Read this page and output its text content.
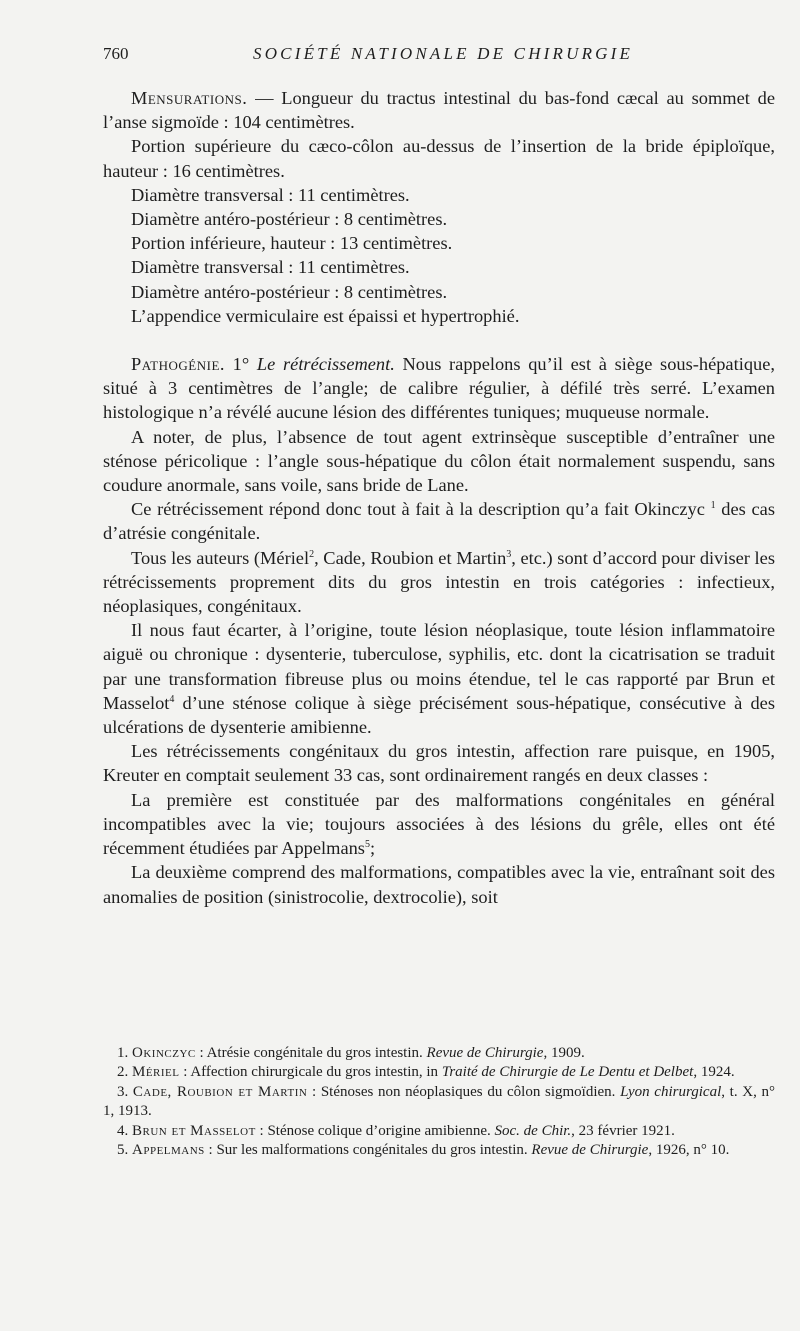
760	SOCIÉTÉ NATIONALE DE CHIRURGIE

Mensurations. — Longueur du tractus intestinal du bas-fond cæcal au sommet de l’anse sigmoïde : 104 centimètres.

Portion supérieure du cæco-côlon au-dessus de l’insertion de la bride épiploïque, hauteur : 16 centimètres.

Diamètre transversal : 11 centimètres.

Diamètre antéro-postérieur : 8 centimètres.

Portion inférieure, hauteur : 13 centimètres.

Diamètre transversal : 11 centimètres.

Diamètre antéro-postérieur : 8 centimètres.

L’appendice vermiculaire est épaissi et hypertrophié.

Pathogénie. 1° Le rétrécissement. Nous rappelons qu’il est à siège sous-hépatique, situé à 3 centimètres de l’angle; de calibre régulier, à défilé très serré. L’examen histologique n’a révélé aucune lésion des différentes tuniques; muqueuse normale.

A noter, de plus, l’absence de tout agent extrinsèque susceptible d’entraîner une sténose péricolique : l’angle sous-hépatique du côlon était normalement suspendu, sans coudure anormale, sans voile, sans bride de Lane.

Ce rétrécissement répond donc tout à fait à la description qu’a fait Okinczyc $^1$ des cas d’atrésie congénitale.

Tous les auteurs (Mériel$^2$, Cade, Roubion et Martin$^3$, etc.) sont d’accord pour diviser les rétrécissements proprement dits du gros intestin en trois catégories : infectieux, néoplasiques, congénitaux.

Il nous faut écarter, à l’origine, toute lésion néoplasique, toute lésion inflammatoire aiguë ou chronique : dysenterie, tuberculose, syphilis, etc. dont la cicatrisation se traduit par une transformation fibreuse plus ou moins étendue, tel le cas rapporté par Brun et Masselot$^4$ d’une sténose colique à siège précisément sous-hépatique, consécutive à des ulcérations de dysenterie amibienne.

Les rétrécissements congénitaux du gros intestin, affection rare puisque, en 1905, Kreuter en comptait seulement 33 cas, sont ordinairement rangés en deux classes :

La première est constituée par des malformations congénitales en général incompatibles avec la vie; toujours associées à des lésions du grêle, elles ont été récemment étudiées par Appelmans$^5$;

La deuxième comprend des malformations, compatibles avec la vie, entraînant soit des anomalies de position (sinistrocolie, dextrocolie), soit

1. Okinczyc : Atrésie congénitale du gros intestin. Revue de Chirurgie, 1909.

2. Mériel : Affection chirurgicale du gros intestin, in Traité de Chirurgie de Le Dentu et Delbet, 1924.

3. Cade, Roubion et Martin : Sténoses non néoplasiques du côlon sigmoïdien. Lyon chirurgical, t. X, n° 1, 1913.

4. Brun et Masselot : Sténose colique d’origine amibienne. Soc. de Chir., 23 février 1921.

5. Appelmans : Sur les malformations congénitales du gros intestin. Revue de Chirurgie, 1926, n° 10.
